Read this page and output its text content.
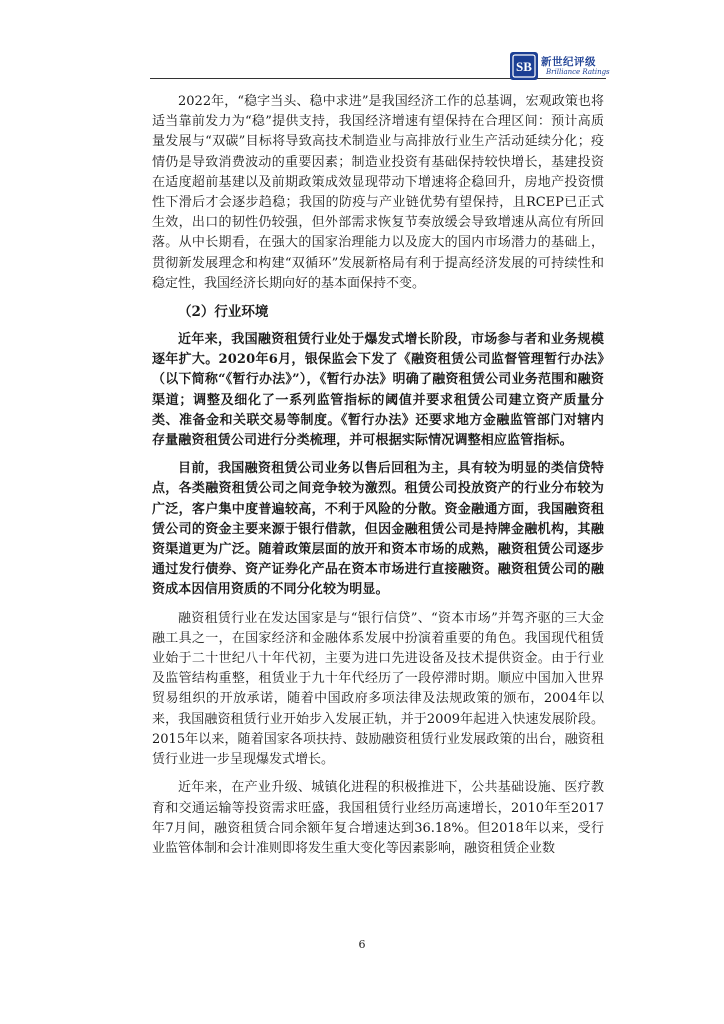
SB 新世纪评级
Brilliance Ratings

2022年，“稳字当头、稳中求进”是我国经济工作的总基调，宏观政策也将适当靠前发力为“稳”提供支持，我国经济增速有望保持在合理区间：预计高质量发展与“双碳”目标将导致高技术制造业与高排放行业生产活动延续分化；疫情仍是导致消费波动的重要因素；制造业投资有基础保持较快增长，基建投资在适度超前基建以及前期政策成效显现带动下增速将企稳回升，房地产投资惯性下滑后才会逐步趋稳；我国的防疫与产业链优势有望保持，且RCEP已正式生效，出口的韧性仍较强，但外部需求恢复节奏放缓会导致增速从高位有所回落。从中长期看，在强大的国家治理能力以及庞大的国内市场潜力的基础上，贯彻新发展理念和构建“双循环”发展新格局有利于提高经济发展的可持续性和稳定性，我国经济长期向好的基本面保持不变。

（2）行业环境

近年来，我国融资租赁行业处于爆发式增长阶段，市场参与者和业务规模逐年扩大。2020年6月，银保监会下发了《融资租赁公司监督管理暂行办法》（以下简称“《暂行办法》”），《暂行办法》明确了融资租赁公司业务范围和融资渠道；调整及细化了一系列监管指标的阈值并要求租赁公司建立资产质量分类、准备金和关联交易等制度。《暂行办法》还要求地方金融监管部门对辖内存量融资租赁公司进行分类梳理，并可根据实际情况调整相应监管指标。

目前，我国融资租赁公司业务以售后回租为主，具有较为明显的类信贷特点，各类融资租赁公司之间竞争较为激烈。租赁公司投放资产的行业分布较为广泛，客户集中度普遍较高，不利于风险的分散。资金融通方面，我国融资租赁公司的资金主要来源于银行借款，但因金融租赁公司是持牌金融机构，其融资渠道更为广泛。随着政策层面的放开和资本市场的成熟，融资租赁公司逐步通过发行债券、资产证券化产品在资本市场进行直接融资。融资租赁公司的融资成本因信用资质的不同分化较为明显。

融资租赁行业在发达国家是与“银行信贷”、“资本市场”并驾齐驱的三大金融工具之一，在国家经济和金融体系发展中扮演着重要的角色。我国现代租赁业始于二十世纪八十年代初，主要为进口先进设备及技术提供资金。由于行业及监管结构重整，租赁业于九十年代经历了一段停滞时期。顺应中国加入世界贸易组织的开放承诺，随着中国政府多项法律及法规政策的颁布，2004年以来，我国融资租赁行业开始步入发展正轨，并于2009年起进入快速发展阶段。2015年以来，随着国家各项扶持、鼓励融资租赁行业发展政策的出台，融资租赁行业进一步呈现爆发式增长。

近年来，在产业升级、城镇化进程的积极推进下，公共基础设施、医疗教育和交通运输等投资需求旺盛，我国租赁行业经历高速增长，2010年至2017年7月间，融资租赁合同余额年复合增速达到36.18%。但2018年以来，受行业监管体制和会计准则即将发生重大变化等因素影响，融资租赁企业数

6
